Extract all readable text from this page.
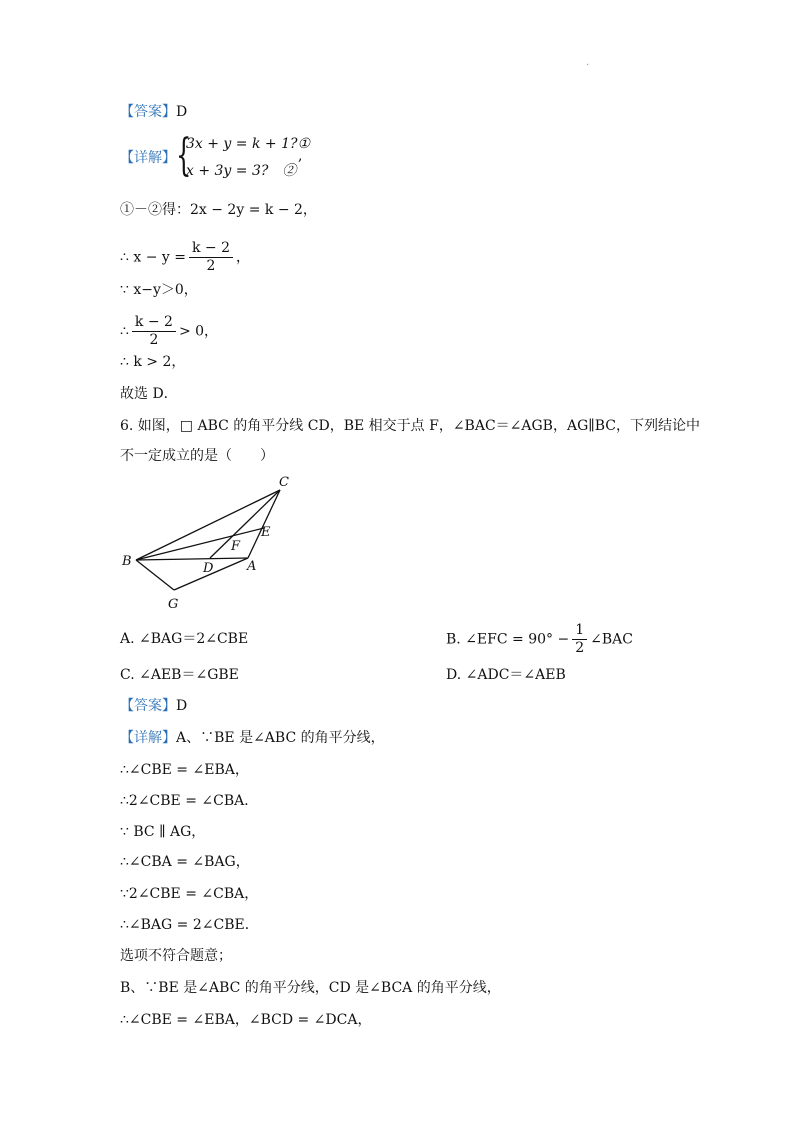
·
【答案】D
【详解】 {
3x + y = k + 1?①
x + 3y = 3?　②
,
①－②得：2x − 2y = k − 2，
∴ $x - y = \frac{k - 2}{2}$ ，
∵ x−y＞0，
∴ $\frac{k - 2}{2} > 0$，
∴ k > 2，
故选 D．
6. 如图，□ ABC 的角平分线 CD，BE 相交于点 F，∠BAC＝∠AGB，AG∥BC，下列结论中
不一定成立的是（　　）
C
E
F
B	D	A
G
A. ∠BAG＝2∠CBE	B. ∠EFC = $90^\circ - \frac{1}{2}$ ∠BAC
C. ∠AEB＝∠GBE	D. ∠ADC＝∠AEB
【答案】D
【详解】A、∵BE 是∠ABC 的角平分线，
∴∠CBE = ∠EBA，
∴2∠CBE = ∠CBA．
∵ BC ∥ AG，
∴∠CBA = ∠BAG，
∵2∠CBE = ∠CBA，
∴∠BAG = 2∠CBE．
选项不符合题意；
B、∵BE 是∠ABC 的角平分线，CD 是∠BCA 的角平分线，
∴∠CBE = ∠EBA，∠BCD = ∠DCA，
